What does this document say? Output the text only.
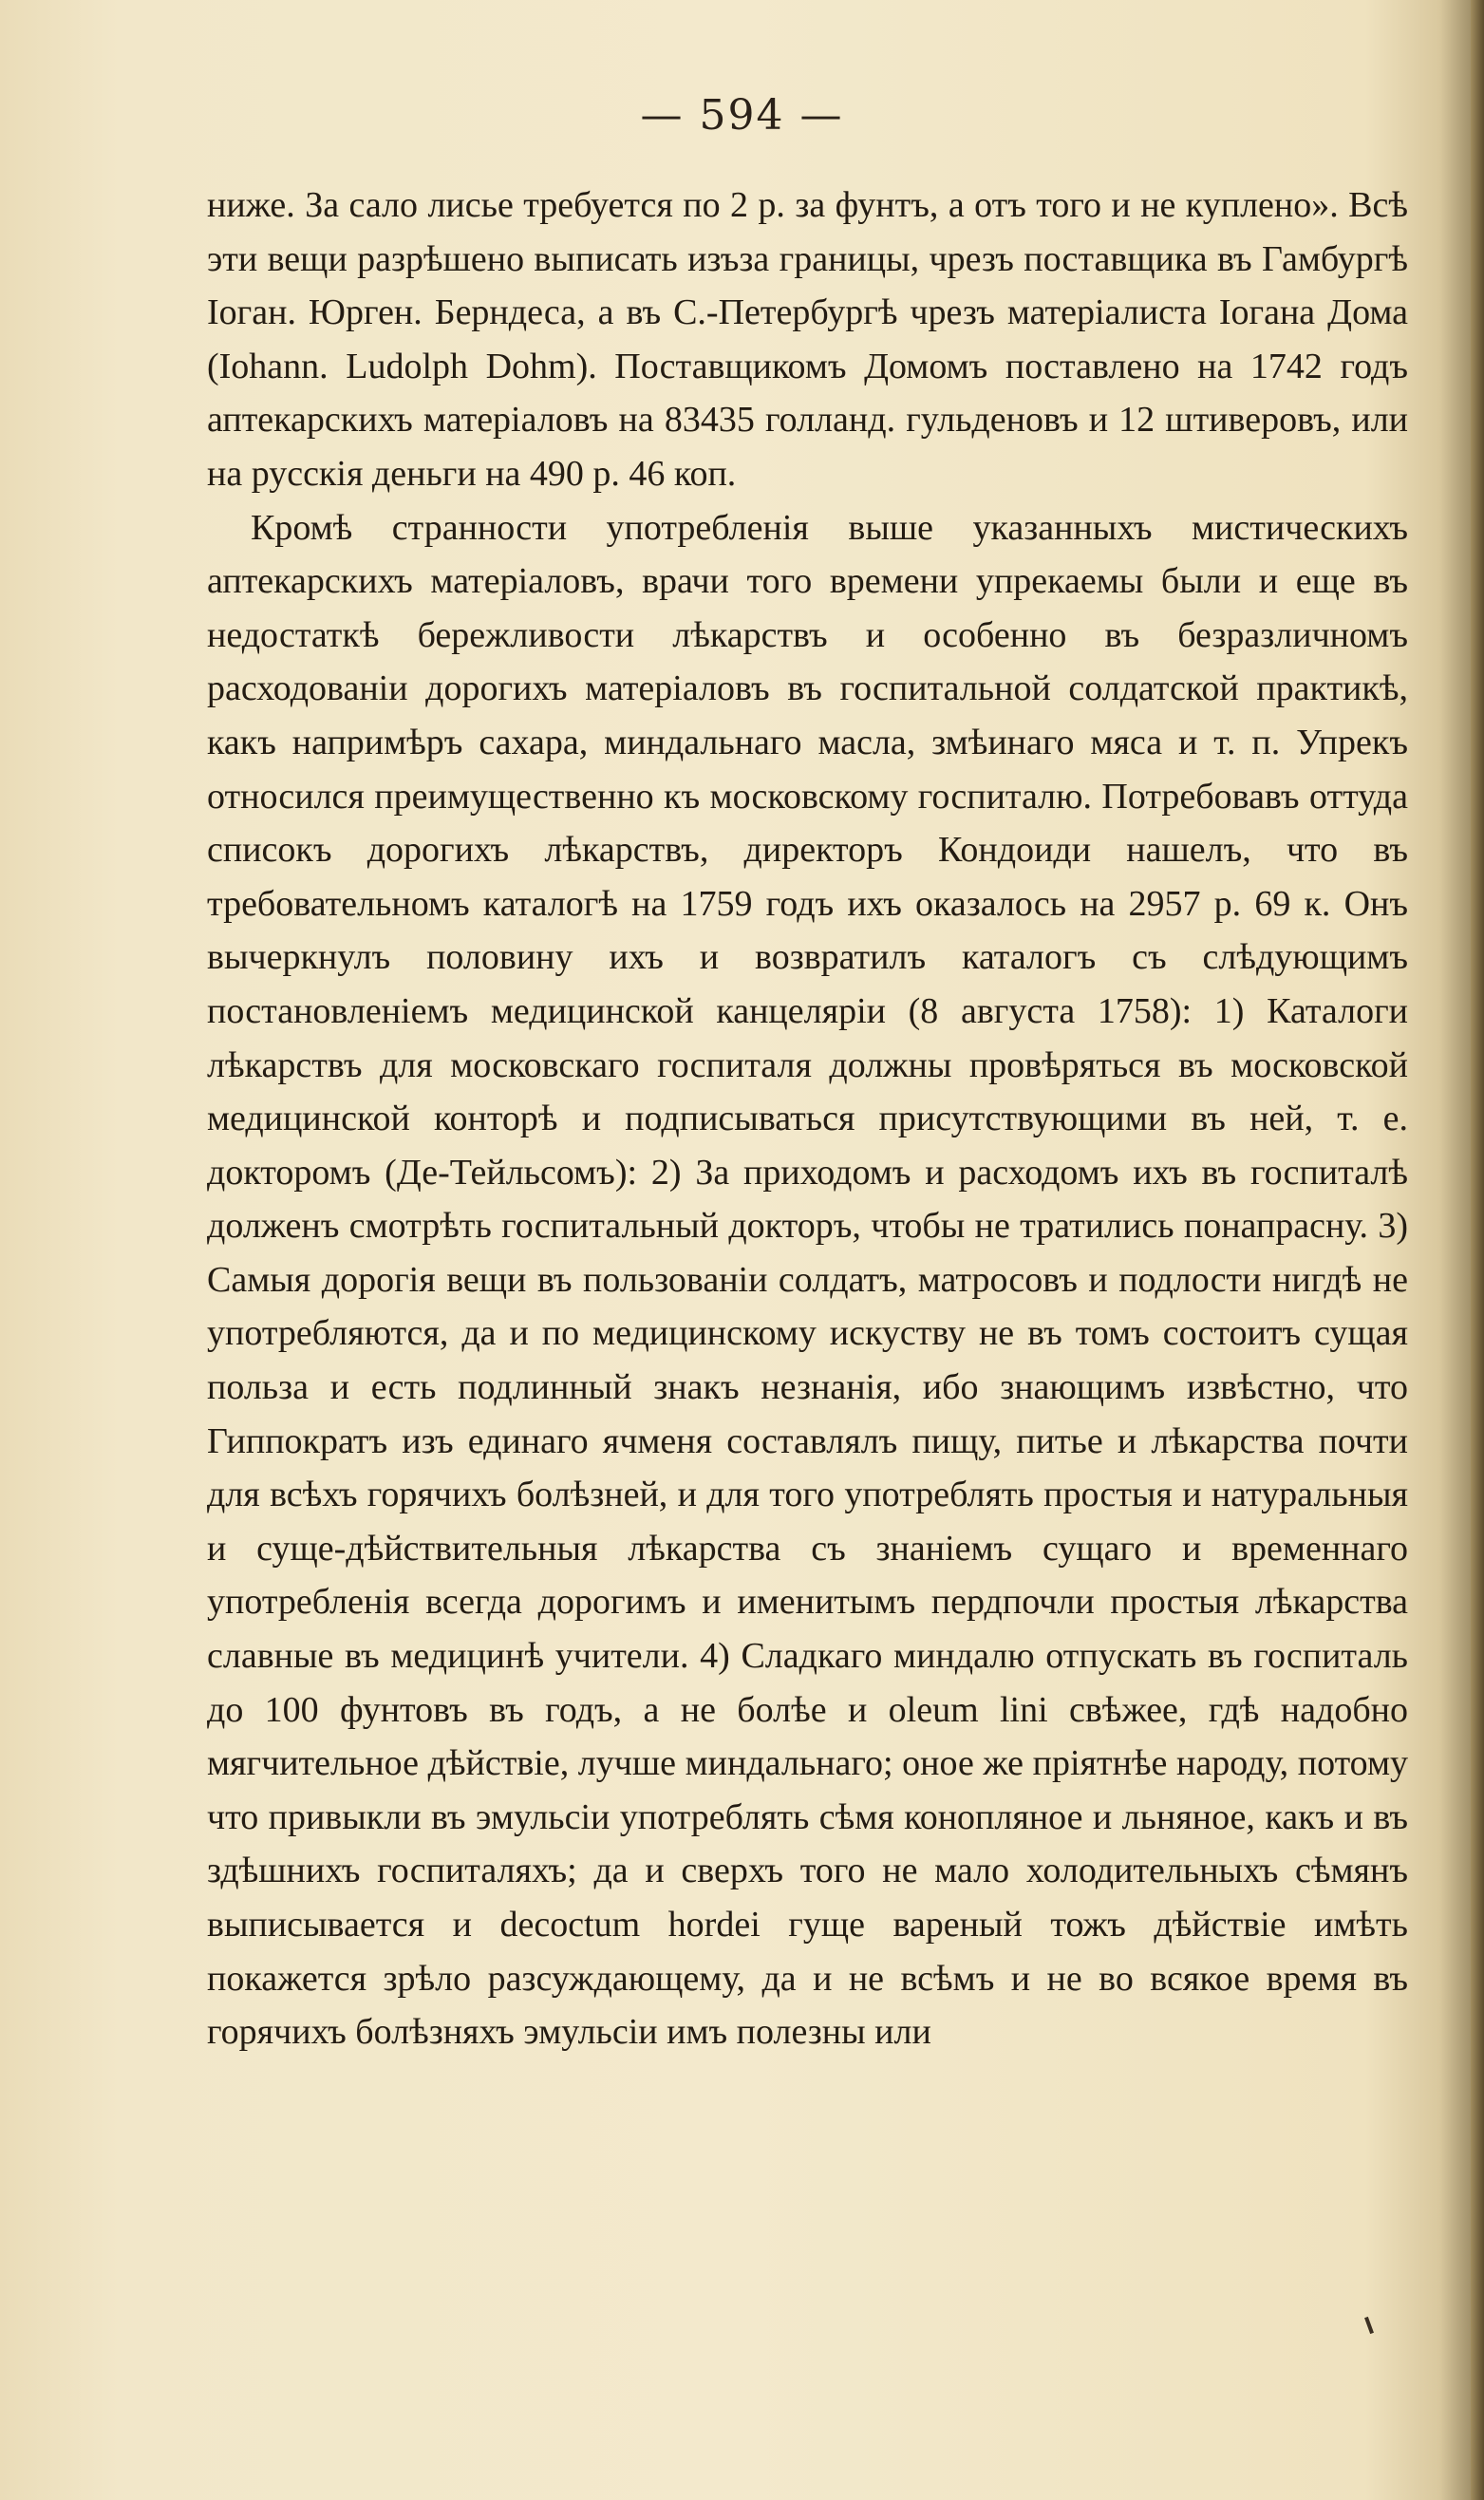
— 594 —

ниже. За сало лисье требуется по 2 р. за фунтъ, а отъ того и не куплено». Всѣ эти вещи разрѣшено выписать изъза границы, чрезъ поставщика въ Гамбургѣ Іоган. Юрген. Берндеса, а въ С.-Петербургѣ чрезъ матеріалиста Іогана Дома (Iohann. Ludolph Dohm). Поставщикомъ Домомъ поставлено на 1742 годъ аптекарскихъ матеріаловъ на 83435 голланд. гульденовъ и 12 штиверовъ, или на русскія деньги на 490 р. 46 коп.

Кромѣ странности употребленія выше указанныхъ мистическихъ аптекарскихъ матеріаловъ, врачи того времени упрекаемы были и еще въ недостаткѣ бережливости лѣкарствъ и особенно въ безразличномъ расходованіи дорогихъ матеріаловъ въ госпитальной солдатской практикѣ, какъ напримѣръ сахара, миндальнаго масла, змѣинаго мяса и т. п. Упрекъ относился преимущественно къ московскому госпиталю. Потребовавъ оттуда списокъ дорогихъ лѣкарствъ, директоръ Кондоиди нашелъ, что въ требовательномъ каталогѣ на 1759 годъ ихъ оказалось на 2957 р. 69 к. Онъ вычеркнулъ половину ихъ и возвратилъ каталогъ съ слѣдующимъ постановленіемъ медицинской канцеляріи (8 августа 1758): 1) Каталоги лѣкарствъ для московскаго госпиталя должны провѣряться въ московской медицинской конторѣ и подписываться присутствующими въ ней, т. е. докторомъ (Де-Тейльсомъ): 2) За приходомъ и расходомъ ихъ въ госпиталѣ долженъ смотрѣть госпитальный докторъ, чтобы не тратились понапрасну. 3) Самыя дорогія вещи въ пользованіи солдатъ, матросовъ и подлости нигдѣ не употребляются, да и по медицинскому искуству не въ томъ состоитъ сущая польза и есть подлинный знакъ незнанія, ибо знающимъ извѣстно, что Гиппократъ изъ единаго ячменя составлялъ пищу, питье и лѣкарства почти для всѣхъ горячихъ болѣзней, и для того употреблять простыя и натуральныя и суще-дѣйствительныя лѣкарства съ знаніемъ сущаго и временнаго употребленія всегда дорогимъ и именитымъ пердпочли простыя лѣкарства славные въ медицинѣ учители. 4) Сладкаго миндалю отпускать въ госпиталь до 100 фунтовъ въ годъ, а не болѣе и oleum lini свѣжее, гдѣ надобно мягчительное дѣйствіе, лучше миндальнаго; оное же пріятнѣе народу, потому что привыкли въ эмульсіи употреблять сѣмя конопляное и льняное, какъ и въ здѣшнихъ госпиталяхъ; да и сверхъ того не мало холодительныхъ сѣмянъ выписывается и decoctum hordei гуще вареный тожъ дѣйствіе имѣть покажется зрѣло разсуждающему, да и не всѣмъ и не во всякое время въ горячихъ болѣзняхъ эмульсіи имъ полезны или
